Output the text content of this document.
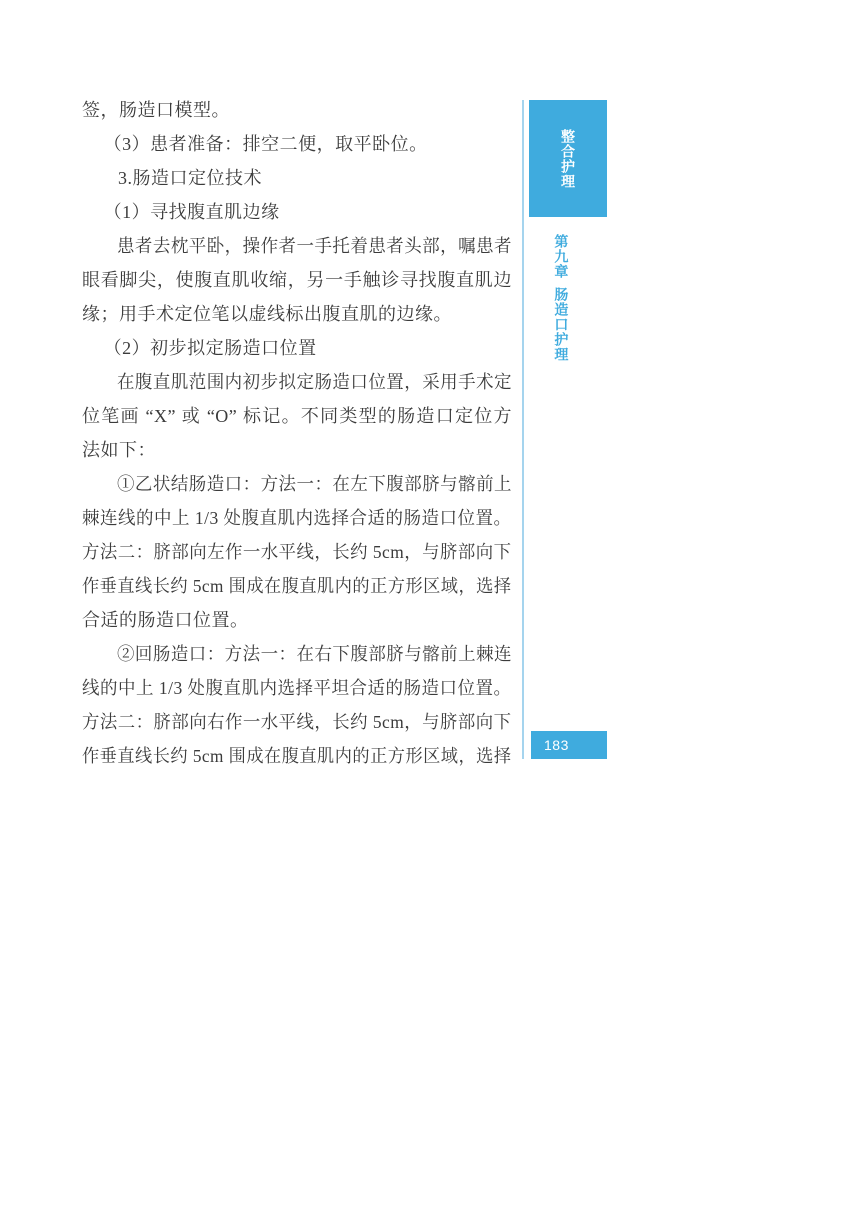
签，肠造口模型。
（3）患者准备：排空二便，取平卧位。
3.肠造口定位技术
（1）寻找腹直肌边缘
患者去枕平卧，操作者一手托着患者头部，嘱患者
眼看脚尖，使腹直肌收缩，另一手触诊寻找腹直肌边
缘；用手术定位笔以虚线标出腹直肌的边缘。
（2）初步拟定肠造口位置
在腹直肌范围内初步拟定肠造口位置，采用手术定
位笔画 “X” 或 “O” 标记。不同类型的肠造口定位方
法如下：
①乙状结肠造口：方法一：在左下腹部脐与髂前上
棘连线的中上 1/3 处腹直肌内选择合适的肠造口位置。
方法二：脐部向左作一水平线，长约 5cm，与脐部向下
作垂直线长约 5cm 围成在腹直肌内的正方形区域，选择
合适的肠造口位置。
②回肠造口：方法一：在右下腹部脐与髂前上棘连
线的中上 1/3 处腹直肌内选择平坦合适的肠造口位置。
方法二：脐部向右作一水平线，长约 5cm，与脐部向下
作垂直线长约 5cm 围成在腹直肌内的正方形区域，选择
整合护理
第九章
肠造口护理
183
